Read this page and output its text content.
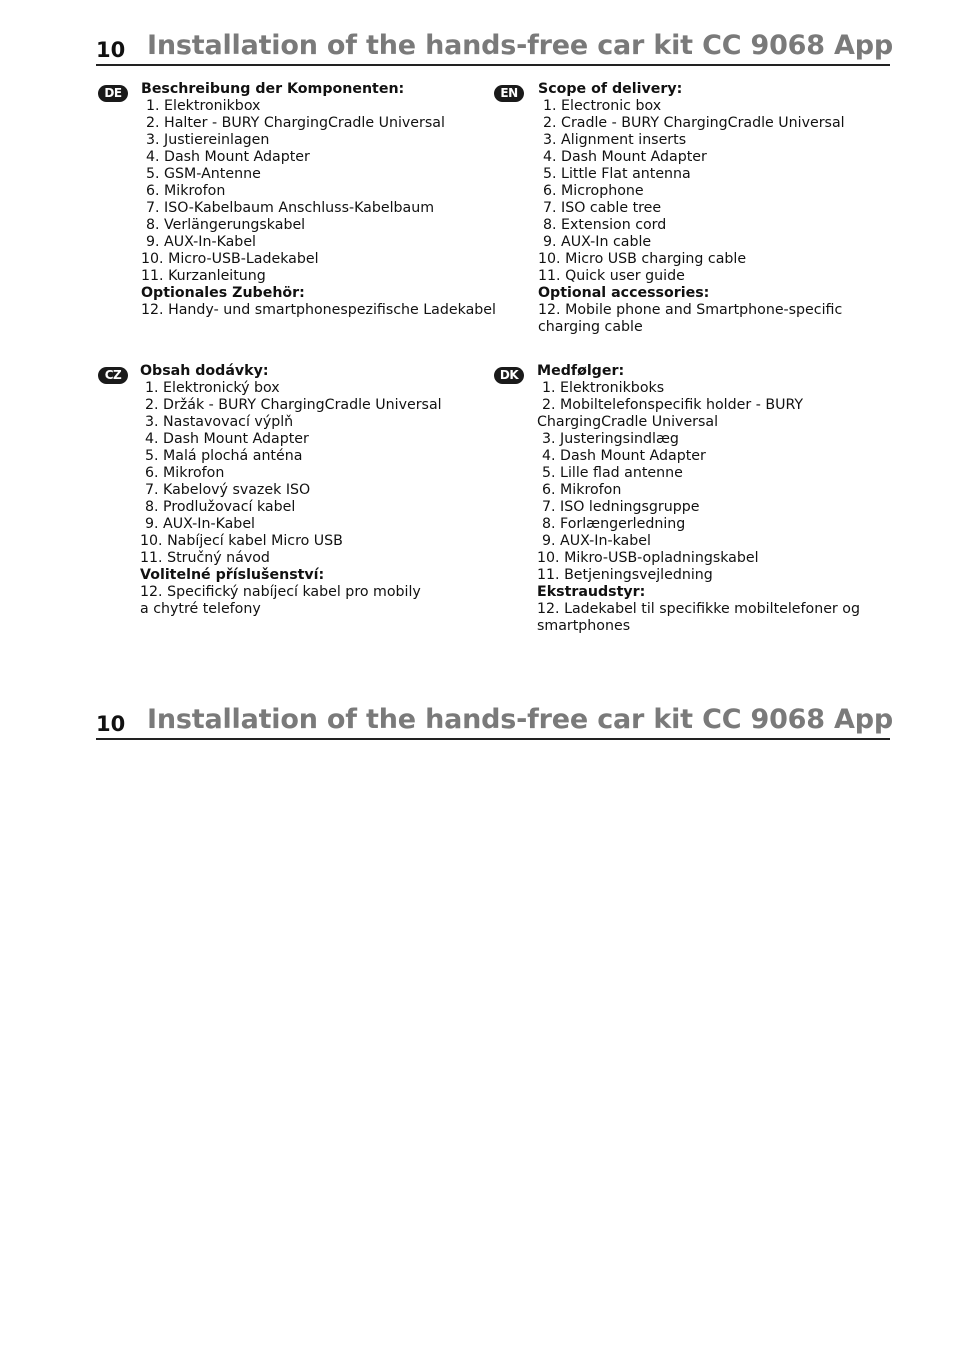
10 Installation of the hands-free car kit CC 9068 App
DE	Beschreibung der Komponenten:
1. Elektronikbox
2. Halter - BURY ChargingCradle Universal
3. Justiereinlagen
4. Dash Mount Adapter
5. GSM-Antenne
6. Mikrofon
7. ISO-Kabelbaum Anschluss-Kabelbaum
8. Verlängerungskabel
9. AUX-In-Kabel
10. Micro-USB-Ladekabel
11. Kurzanleitung
Optionales Zubehör:
12. Handy- und smartphonespezifische Ladekabel
EN	Scope of delivery:
1. Electronic box
2. Cradle - BURY ChargingCradle Universal
3. Alignment inserts
4. Dash Mount Adapter
5. Little Flat antenna
6. Microphone
7. ISO cable tree
8. Extension cord
9. AUX-In cable
10. Micro USB charging cable
11. Quick user guide
Optional accessories:
12. Mobile phone and Smartphone-specific
charging cable
CZ	Obsah dodávky:
1. Elektronický box
2. Držák - BURY ChargingCradle Universal
3. Nastavovací výplň
4. Dash Mount Adapter
5. Malá plochá anténa
6. Mikrofon
7. Kabelový svazek ISO
8. Prodlužovací kabel
9. AUX-In-Kabel
10. Nabíjecí kabel Micro USB
11. Stručný návod
Volitelné příslušenství:
12. Specifický nabíjecí kabel pro mobily
a chytré telefony
DK	Medfølger:
1. Elektronikboks
2. Mobiltelefonspecifik holder - BURY
ChargingCradle Universal
3. Justeringsindlæg
4. Dash Mount Adapter
5. Lille flad antenne
6. Mikrofon
7. ISO ledningsgruppe
8. Forlængerledning
9. AUX-In-kabel
10. Mikro-USB-opladningskabel
11. Betjeningsvejledning
Ekstraudstyr:
12. Ladekabel til specifikke mobiltelefoner og
smartphones
10 Installation of the hands-free car kit CC 9068 App
